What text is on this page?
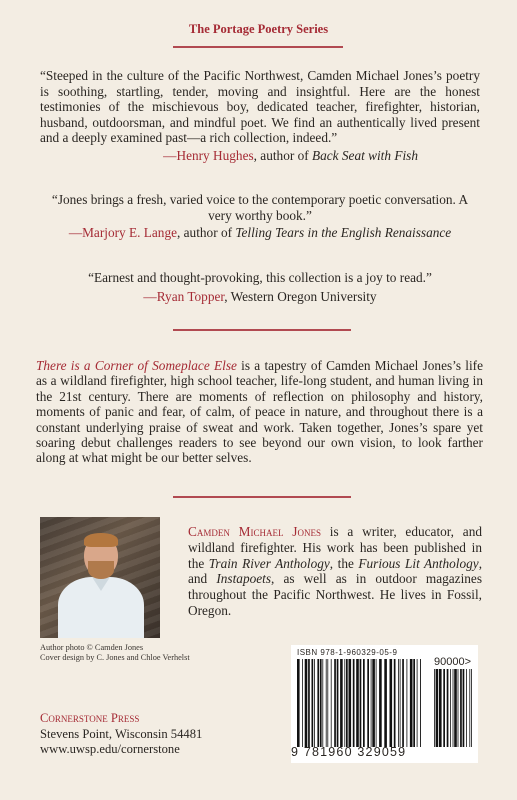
The Portage Poetry Series
“Steeped in the culture of the Pacific Northwest, Camden Michael Jones’s poetry is soothing, startling, tender, moving and insightful. Here are the honest testimonies of the mischievous boy, dedicated teacher, firefighter, historian, husband, outdoorsman, and mindful poet. We find an authentically lived present and a deeply examined past—a rich collection, indeed.”
—Henry Hughes, author of Back Seat with Fish
“Jones brings a fresh, varied voice to the contemporary poetic conversation. A very worthy book.”
—Marjory E. Lange, author of Telling Tears in the English Renaissance
“Earnest and thought-provoking, this collection is a joy to read.”
—Ryan Topper, Western Oregon University
There is a Corner of Someplace Else is a tapestry of Camden Michael Jones’s life as a wildland firefighter, high school teacher, life-long student, and human living in the 21st century. There are moments of reflection on philosophy and history, moments of panic and fear, of calm, of peace in nature, and throughout there is a constant underlying praise of sweat and work. Taken together, Jones’s spare yet soaring debut challenges readers to see beyond our own vision, to look farther along at what might be our better selves.
Camden Michael Jones is a writer, educator, and wildland firefighter. His work has been published in the Train River Anthology, the Furious Lit Anthology, and Instapoets, as well as in outdoor magazines throughout the Pacific Northwest. He lives in Fossil, Oregon.
Author photo © Camden Jones
Cover design by C. Jones and Chloe Verhelst
Cornerstone Press
Stevens Point, Wisconsin 54481
www.uwsp.edu/cornerstone
ISBN 978-1-960329-05-9
90000>
9 781960 329059
